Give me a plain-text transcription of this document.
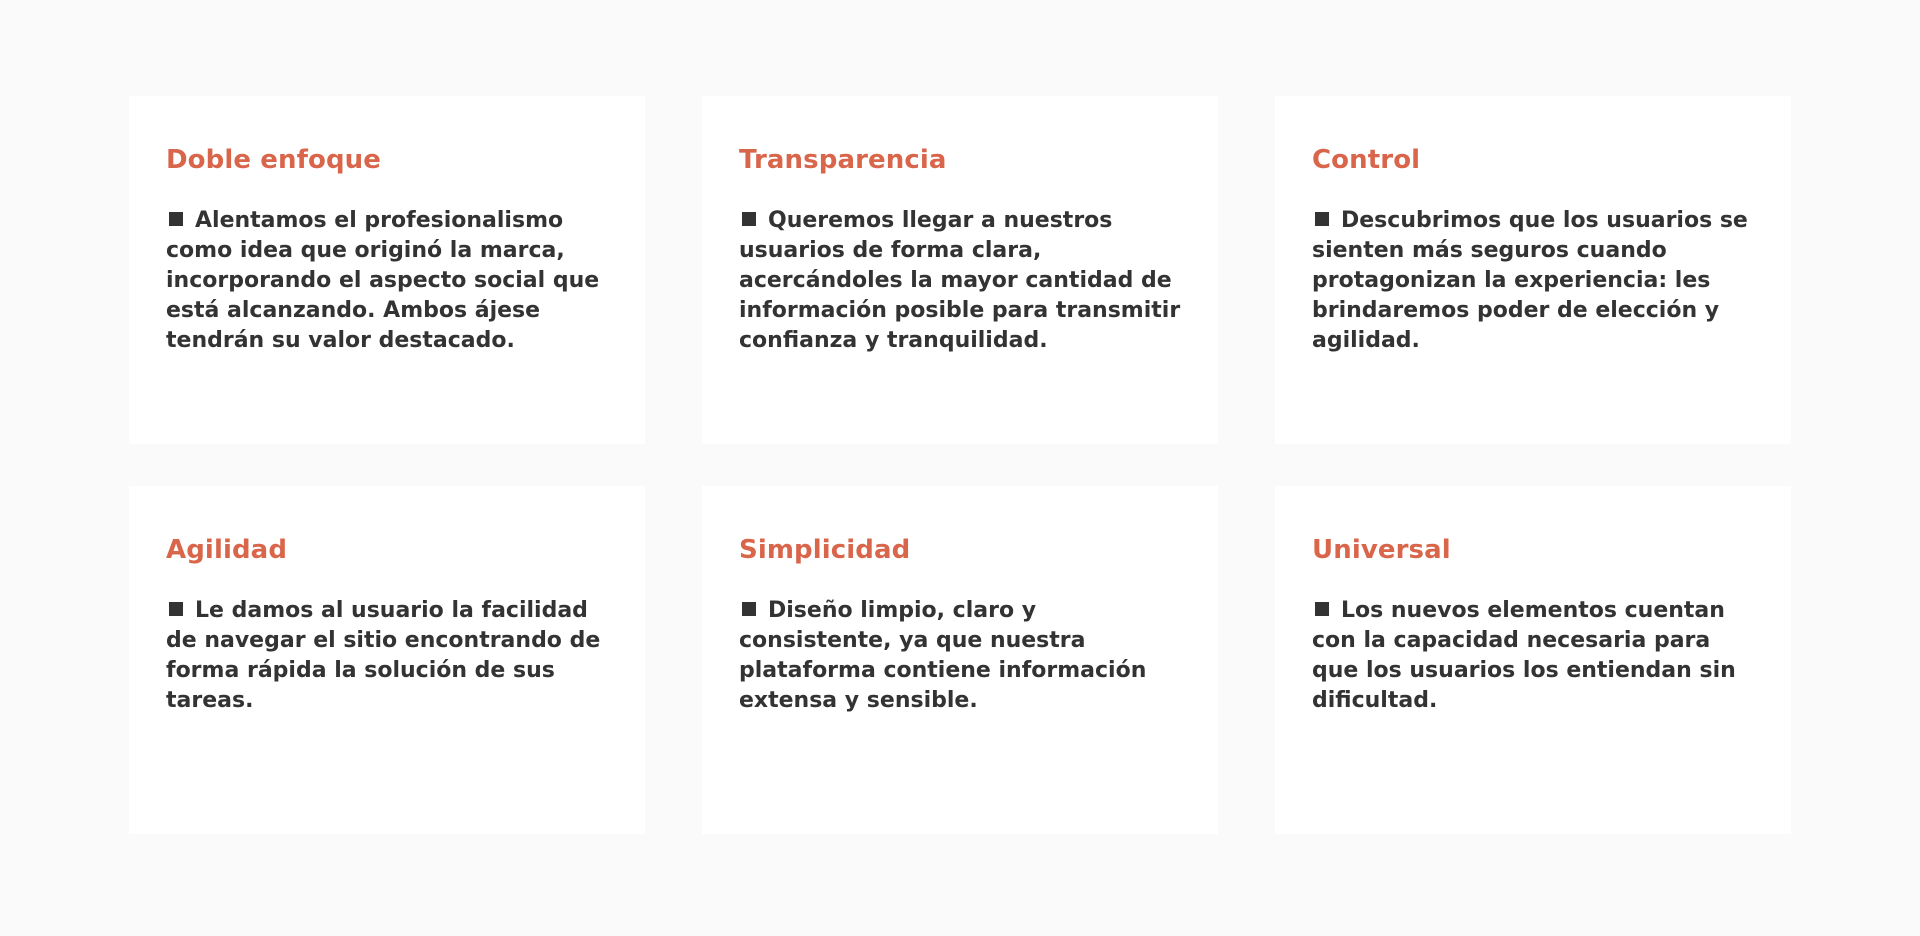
Doble enfoque

Alentamos el profesionalismo como idea que originó la marca, incorporando el aspecto social que está alcanzando. Ambos ájese tendrán su valor destacado.

Transparencia

Queremos llegar a nuestros usuarios de forma clara, acercándoles la mayor cantidad de información posible para transmitir confianza y tranquilidad.

Control

Descubrimos que los usuarios se sienten más seguros cuando protagonizan la experiencia: les brindaremos poder de elección y agilidad.

Agilidad

Le damos al usuario la facilidad de navegar el sitio encontrando de forma rápida la solución de sus tareas.

Simplicidad

Diseño limpio, claro y consistente, ya que nuestra plataforma contiene información extensa y sensible.

Universal

Los nuevos elementos cuentan con la capacidad necesaria para que los usuarios los entiendan sin dificultad.
